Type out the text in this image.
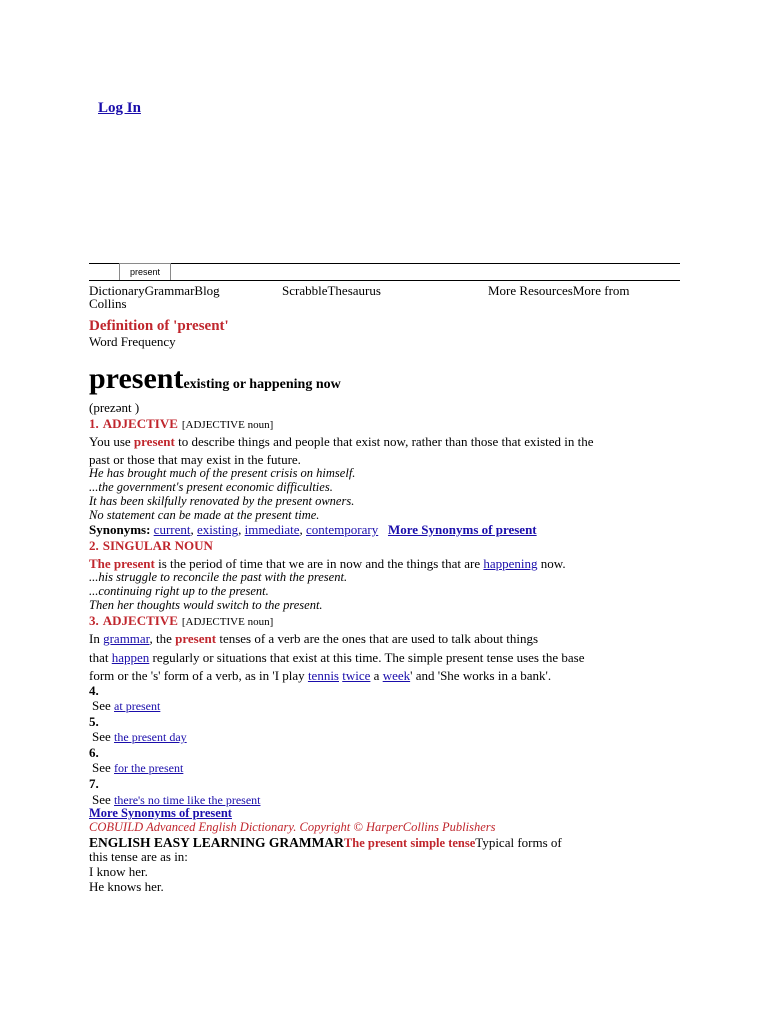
Log In
present
DictionaryGrammarBlog	ScrabbleThesaurus	More ResourcesMore from
Collins
Definition of 'present'
Word Frequency
presentexisting or happening now
(prezənt )
1. ADJECTIVE [ADJECTIVE noun]
You use present to describe things and people that exist now, rather than those that existed in the
past or those that may exist in the future.
He has brought much of the present crisis on himself.
...the government's present economic difficulties.
It has been skilfully renovated by the present owners.
No statement can be made at the present time.
Synonyms: current, existing, immediate, contemporary More Synonyms of present
2. SINGULAR NOUN
The present is the period of time that we are in now and the things that are happening now.
...his struggle to reconcile the past with the present.
...continuing right up to the present.
Then her thoughts would switch to the present.
3. ADJECTIVE [ADJECTIVE noun]
In grammar, the present tenses of a verb are the ones that are used to talk about things
that happen regularly or situations that exist at this time. The simple present tense uses the base
form or the 's' form of a verb, as in 'I play tennis twice a week' and 'She works in a bank'.
4.
See at present
5.
See the present day
6.
See for the present
7.
See there's no time like the present
More Synonyms of present
COBUILD Advanced English Dictionary. Copyright © HarperCollins Publishers
ENGLISH EASY LEARNING GRAMMARThe present simple tenseTypical forms of
this tense are as in:
I know her.
He knows her.
